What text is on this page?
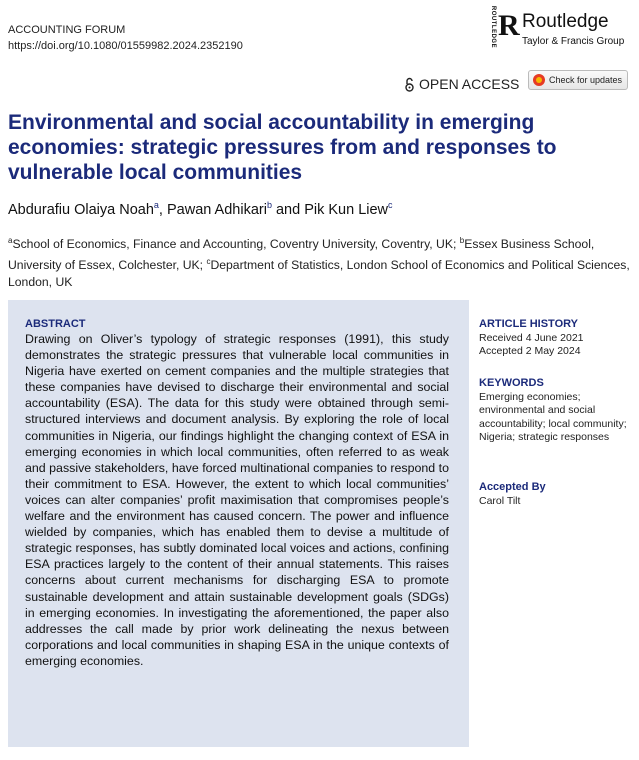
ACCOUNTING FORUM
https://doi.org/10.1080/01559982.2024.2352190	ROUTLEDGE R Routledge
Taylor & Francis Group
OPEN ACCESS	Check for updates
Environmental and social accountability in emerging economies: strategic pressures from and responses to vulnerable local communities
Abdurafiu Olaiya Noah$^a$, Pawan Adhikari$^b$ and Pik Kun Liew$^c$
$^a$School of Economics, Finance and Accounting, Coventry University, Coventry, UK; $^b$Essex Business School, University of Essex, Colchester, UK; $^c$Department of Statistics, London School of Economics and Political Sciences, London, UK
ABSTRACT

Drawing on Oliver’s typology of strategic responses (1991), this study demonstrates the strategic pressures that vulnerable local communities in Nigeria have exerted on cement companies and the multiple strategies that these companies have devised to discharge their environmental and social accountability (ESA). The data for this study were obtained through semi-structured interviews and document analysis. By exploring the role of local communities in Nigeria, our findings highlight the changing context of ESA in emerging economies in which local communities, often referred to as weak and passive stakeholders, have forced multinational companies to respond to their commitment to ESA. However, the extent to which local communities’ voices can alter companies’ profit maximisation that compromises people’s welfare and the environment has caused concern. The power and influence wielded by companies, which has enabled them to devise a multitude of strategic responses, has subtly dominated local voices and actions, confining ESA practices largely to the content of their annual statements. This raises concerns about current mechanisms for discharging ESA to promote sustainable development and attain sustainable development goals (SDGs) in emerging economies. In investigating the aforementioned, the paper also addresses the call made by prior work delineating the nexus between corporations and local communities in shaping ESA in the unique contexts of emerging economies.

ARTICLE HISTORY
Received 4 June 2021
Accepted 2 May 2024
KEYWORDS
Emerging economies; environmental and social accountability; local community; Nigeria; strategic responses
Accepted By
Carol Tilt
